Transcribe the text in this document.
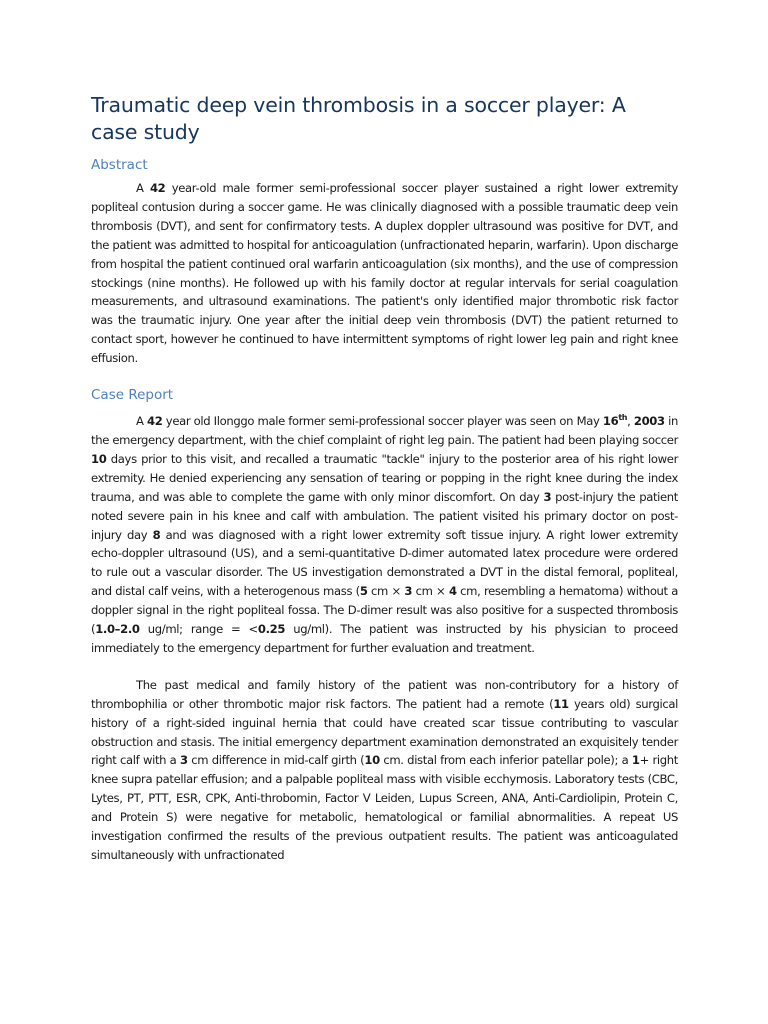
Traumatic deep vein thrombosis in a soccer player: A case study
Abstract

A 42 year-old male former semi-professional soccer player sustained a right lower extremity popliteal contusion during a soccer game. He was clinically diagnosed with a possible traumatic deep vein thrombosis (DVT), and sent for confirmatory tests. A duplex doppler ultrasound was positive for DVT, and the patient was admitted to hospital for anticoagulation (unfractionated heparin, warfarin). Upon discharge from hospital the patient continued oral warfarin anticoagulation (six months), and the use of compression stockings (nine months). He followed up with his family doctor at regular intervals for serial coagulation measurements, and ultrasound examinations. The patient's only identified major thrombotic risk factor was the traumatic injury. One year after the initial deep vein thrombosis (DVT) the patient returned to contact sport, however he continued to have intermittent symptoms of right lower leg pain and right knee effusion.

Case Report

A 42 year old Ilonggo male former semi-professional soccer player was seen on May 16th, 2003 in the emergency department, with the chief complaint of right leg pain. The patient had been playing soccer 10 days prior to this visit, and recalled a traumatic "tackle" injury to the posterior area of his right lower extremity. He denied experiencing any sensation of tearing or popping in the right knee during the index trauma, and was able to complete the game with only minor discomfort. On day 3 post-injury the patient noted severe pain in his knee and calf with ambulation. The patient visited his primary doctor on post-injury day 8 and was diagnosed with a right lower extremity soft tissue injury. A right lower extremity echo-doppler ultrasound (US), and a semi-quantitative D-dimer automated latex procedure were ordered to rule out a vascular disorder. The US investigation demonstrated a DVT in the distal femoral, popliteal, and distal calf veins, with a heterogenous mass (5 cm × 3 cm × 4 cm, resembling a hematoma) without a doppler signal in the right popliteal fossa. The D-dimer result was also positive for a suspected thrombosis (1.0–2.0 ug/ml; range = <0.25 ug/ml). The patient was instructed by his physician to proceed immediately to the emergency department for further evaluation and treatment.

The past medical and family history of the patient was non-contributory for a history of thrombophilia or other thrombotic major risk factors. The patient had a remote (11 years old) surgical history of a right-sided inguinal hernia that could have created scar tissue contributing to vascular obstruction and stasis. The initial emergency department examination demonstrated an exquisitely tender right calf with a 3 cm difference in mid-calf girth (10 cm. distal from each inferior patellar pole); a 1+ right knee supra patellar effusion; and a palpable popliteal mass with visible ecchymosis. Laboratory tests (CBC, Lytes, PT, PTT, ESR, CPK, Anti-throbomin, Factor V Leiden, Lupus Screen, ANA, Anti-Cardiolipin, Protein C, and Protein S) were negative for metabolic, hematological or familial abnormalities. A repeat US investigation confirmed the results of the previous outpatient results. The patient was anticoagulated simultaneously with unfractionated
